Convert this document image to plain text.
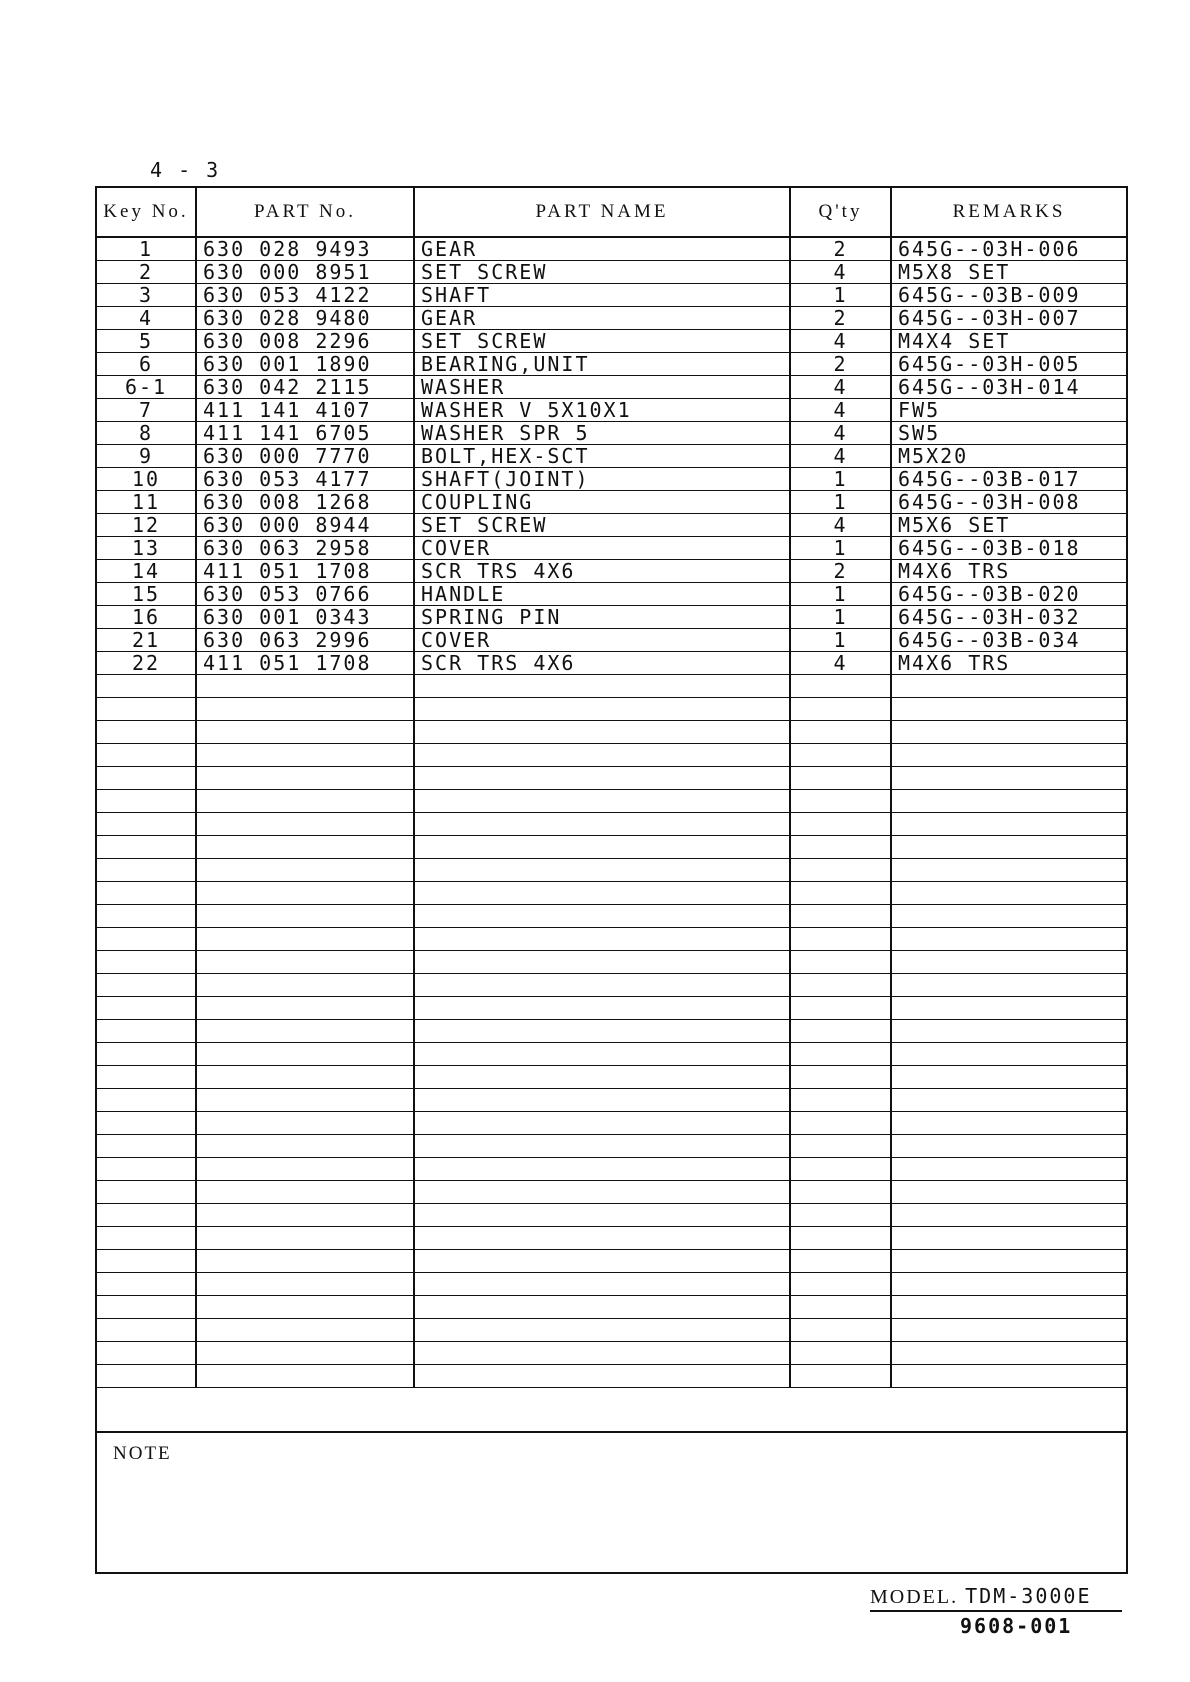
4 - 3
Key No.	PART No.	PART NAME	Q'ty	REMARKS
1	630 028 9493	GEAR	2	645G--03H-006
2	630 000 8951	SET SCREW	4	M5X8 SET
3	630 053 4122	SHAFT	1	645G--03B-009
4	630 028 9480	GEAR	2	645G--03H-007
5	630 008 2296	SET SCREW	4	M4X4 SET
6	630 001 1890	BEARING,UNIT	2	645G--03H-005
6-1	630 042 2115	WASHER	4	645G--03H-014
7	411 141 4107	WASHER V 5X10X1	4	FW5
8	411 141 6705	WASHER SPR 5	4	SW5
9	630 000 7770	BOLT,HEX-SCT	4	M5X20
10	630 053 4177	SHAFT(JOINT)	1	645G--03B-017
11	630 008 1268	COUPLING	1	645G--03H-008
12	630 000 8944	SET SCREW	4	M5X6 SET
13	630 063 2958	COVER	1	645G--03B-018
14	411 051 1708	SCR TRS 4X6	2	M4X6 TRS
15	630 053 0766	HANDLE	1	645G--03B-020
16	630 001 0343	SPRING PIN	1	645G--03H-032
21	630 063 2996	COVER	1	645G--03B-034
22	411 051 1708	SCR TRS 4X6	4	M4X6 TRS

NOTE
MODEL. TDM-3000E
9608-001
